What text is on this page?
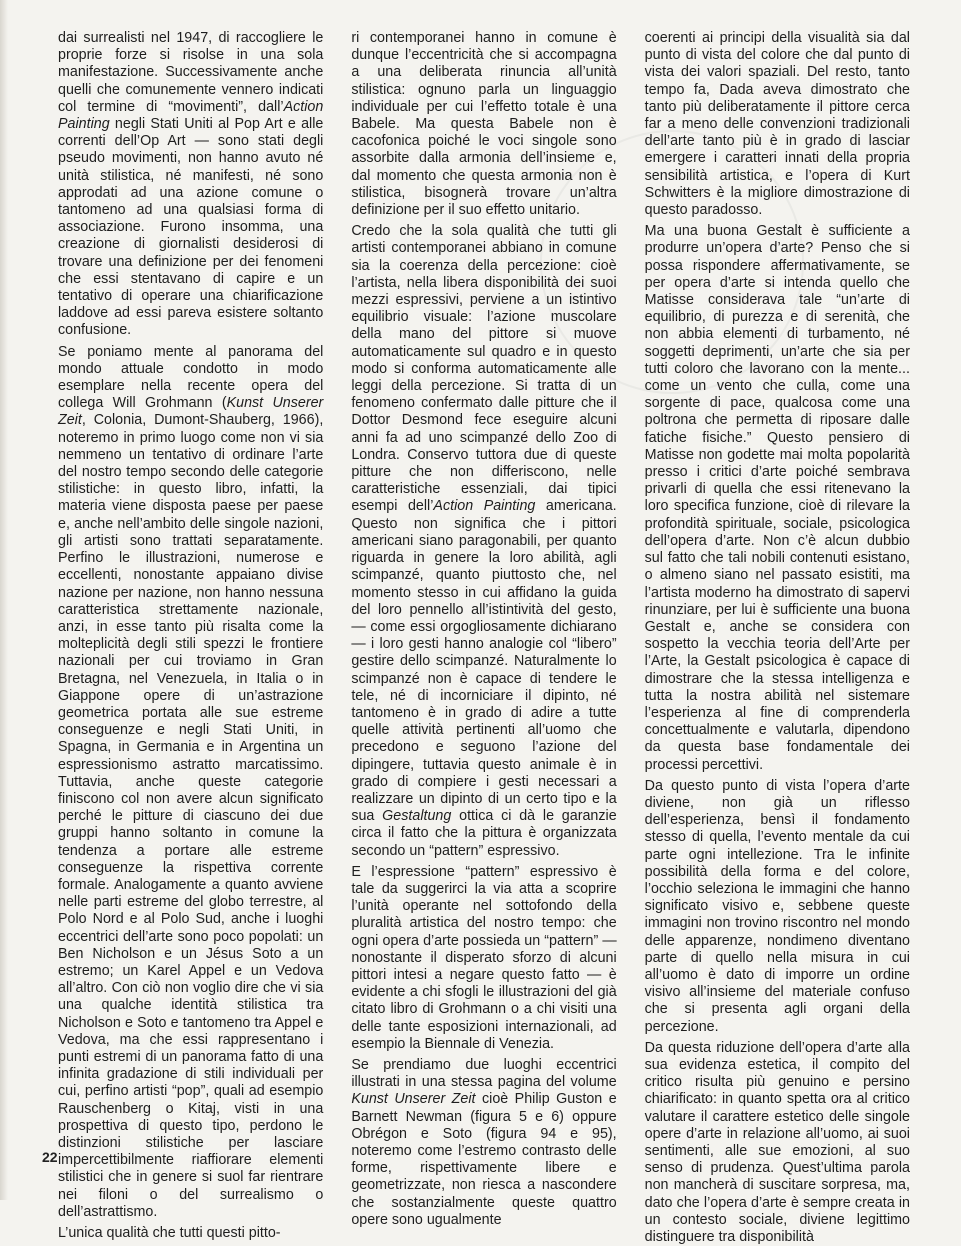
dai surrealisti nel 1947, di raccogliere le proprie forze si risolse in una sola manifestazione. Successivamente anche quelli che comunemente vennero indicati col termine di “movimenti”, dall’Action Painting negli Stati Uniti al Pop Art e alle correnti dell’Op Art — sono stati degli pseudo movimenti, non hanno avuto né unità stilistica, né manifesti, né sono approdati ad una azione comune o tantomeno ad una qualsiasi forma di associazione. Furono insomma, una creazione di giornalisti desiderosi di trovare una definizione per dei fenomeni che essi stentavano di capire e un tentativo di operare una chiarificazione laddove ad essi pareva esistere soltanto confusione.

Se poniamo mente al panorama del mondo attuale condotto in modo esemplare nella recente opera del collega Will Grohmann (Kunst Unserer Zeit, Colonia, Dumont-Shauberg, 1966), noteremo in primo luogo come non vi sia nemmeno un tentativo di ordinare l’arte del nostro tempo secondo delle categorie stilistiche: in questo libro, infatti, la materia viene disposta paese per paese e, anche nell’ambito delle singole nazioni, gli artisti sono trattati separatamente. Perfino le illustrazioni, numerose e eccellenti, nonostante appaiano divise nazione per nazione, non hanno nessuna caratteristica strettamente nazionale, anzi, in esse tanto più risalta come la molteplicità degli stili spezzi le frontiere nazionali per cui troviamo in Gran Bretagna, nel Venezuela, in Italia o in Giappone opere di un’astrazione geometrica portata alle sue estreme conseguenze e negli Stati Uniti, in Spagna, in Germania e in Argentina un espressionismo astratto marcatissimo. Tuttavia, anche queste categorie finiscono col non avere alcun significato perché le pitture di ciascuno dei due gruppi hanno soltanto in comune la tendenza a portare alle estreme conseguenze la rispettiva corrente formale. Analogamente a quanto avviene nelle parti estreme del globo terrestre, al Polo Nord e al Polo Sud, anche i luoghi eccentrici dell’arte sono poco popolati: un Ben Nicholson e un Jésus Soto a un estremo; un Karel Appel e un Vedova all’altro. Con ciò non voglio dire che vi sia una qualche identità stilistica tra Nicholson e Soto e tantomeno tra Appel e Vedova, ma che essi rappresentano i punti estremi di un panorama fatto di una infinita gradazione di stili individuali per cui, perfino artisti “pop”, quali ad esempio Rauschenberg o Kitaj, visti in una prospettiva di questo tipo, perdono le distinzioni stilistiche per lasciare impercettibilmente riaffiorare elementi stilistici che in genere si suol far rientrare nei filoni o del surrealismo o dell’astrattismo.

L’unica qualità che tutti questi pitto-

ri contemporanei hanno in comune è dunque l’eccentricità che si accompagna a una deliberata rinuncia all’unità stilistica: ognuno parla un linguaggio individuale per cui l’effetto totale è una Babele. Ma questa Babele non è cacofonica poiché le voci singole sono assorbite dalla armonia dell’insieme e, dal momento che questa armonia non è stilistica, bisognerà trovare un’altra definizione per il suo effetto unitario.

Credo che la sola qualità che tutti gli artisti contemporanei abbiano in comune sia la coerenza della percezione: cioè l’artista, nella libera disponibilità dei suoi mezzi espressivi, perviene a un istintivo equilibrio visuale: l’azione muscolare della mano del pittore si muove automaticamente sul quadro e in questo modo si conforma automaticamente alle leggi della percezione. Si tratta di un fenomeno confermato dalle pitture che il Dottor Desmond fece eseguire alcuni anni fa ad uno scimpanzé dello Zoo di Londra. Conservo tuttora due di queste pitture che non differiscono, nelle caratteristiche essenziali, dai tipici esempi dell’Action Painting americana. Questo non significa che i pittori americani siano paragonabili, per quanto riguarda in genere la loro abilità, agli scimpanzé, quanto piuttosto che, nel momento stesso in cui affidano la guida del loro pennello all’istintività del gesto, — come essi orgogliosamente dichiarano — i loro gesti hanno analogie col “libero” gestire dello scimpanzé. Naturalmente lo scimpanzé non è capace di tendere le tele, né di incorniciare il dipinto, né tantomeno è in grado di adire a tutte quelle attività pertinenti all’uomo che precedono e seguono l’azione del dipingere, tuttavia questo animale è in grado di compiere i gesti necessari a realizzare un dipinto di un certo tipo e la sua Gestaltung ottica ci dà le garanzie circa il fatto che la pittura è organizzata secondo un “pattern” espressivo.

E l’espressione “pattern” espressivo è tale da suggerirci la via atta a scoprire l’unità operante nel sottofondo della pluralità artistica del nostro tempo: che ogni opera d’arte possieda un “pattern” — nonostante il disperato sforzo di alcuni pittori intesi a negare questo fatto — è evidente a chi sfogli le illustrazioni del già citato libro di Grohmann o a chi visiti una delle tante esposizioni internazionali, ad esempio la Biennale di Venezia.

Se prendiamo due luoghi eccentrici illustrati in una stessa pagina del volume Kunst Unserer Zeit cioè Philip Guston e Barnett Newman (figura 5 e 6) oppure Obrégon e Soto (figura 94 e 95), noteremo come l’estremo contrasto delle forme, rispettivamente libere e geometrizzate, non riesca a nascondere che sostanzialmente queste quattro opere sono ugualmente

coerenti ai principi della visualità sia dal punto di vista del colore che dal punto di vista dei valori spaziali. Del resto, tanto tempo fa, Dada aveva dimostrato che tanto più deliberatamente il pittore cerca far a meno delle convenzioni tradizionali dell’arte tanto più è in grado di lasciar emergere i caratteri innati della propria sensibilità artistica, e l’opera di Kurt Schwitters è la migliore dimostrazione di questo paradosso.

Ma una buona Gestalt è sufficiente a produrre un’opera d’arte? Penso che si possa rispondere affermativamente, se per opera d’arte si intenda quello che Matisse considerava tale “un’arte di equilibrio, di purezza e di serenità, che non abbia elementi di turbamento, né soggetti deprimenti, un’arte che sia per tutti coloro che lavorano con la mente... come un vento che culla, come una sorgente di pace, qualcosa come una poltrona che permetta di riposare dalle fatiche fisiche.” Questo pensiero di Matisse non godette mai molta popolarità presso i critici d’arte poiché sembrava privarli di quella che essi ritenevano la loro specifica funzione, cioè di rilevare la profondità spirituale, sociale, psicologica dell’opera d’arte. Non c’è alcun dubbio sul fatto che tali nobili contenuti esistano, o almeno siano nel passato esistiti, ma l’artista moderno ha dimostrato di sapervi rinunziare, per lui è sufficiente una buona Gestalt e, anche se considera con sospetto la vecchia teoria dell’Arte per l’Arte, la Gestalt psicologica è capace di dimostrare che la stessa intelligenza e tutta la nostra abilità nel sistemare l’esperienza al fine di comprenderla concettualmente e valutarla, dipendono da questa base fondamentale dei processi percettivi.

Da questo punto di vista l’opera d’arte diviene, non già un riflesso dell’esperienza, bensì il fondamento stesso di quella, l’evento mentale da cui parte ogni intellezione. Tra le infinite possibilità della forma e del colore, l’occhio seleziona le immagini che hanno significato visivo e, sebbene queste immagini non trovino riscontro nel mondo delle apparenze, nondimeno diventano parte di quello nella misura in cui all’uomo è dato di imporre un ordine visivo all’insieme del materiale confuso che si presenta agli organi della percezione.

Da questa riduzione dell’opera d’arte alla sua evidenza estetica, il compito del critico risulta più genuino e persino chiarificato: in quanto spetta ora al critico valutare il carattere estetico delle singole opere d’arte in relazione all’uomo, ai suoi sentimenti, alle sue emozioni, al suo senso di prudenza. Quest’ultima parola non mancherà di suscitare sorpresa, ma, dato che l’opera d’arte è sempre creata in un contesto sociale, diviene legittimo distinguere tra disponibilità

22
